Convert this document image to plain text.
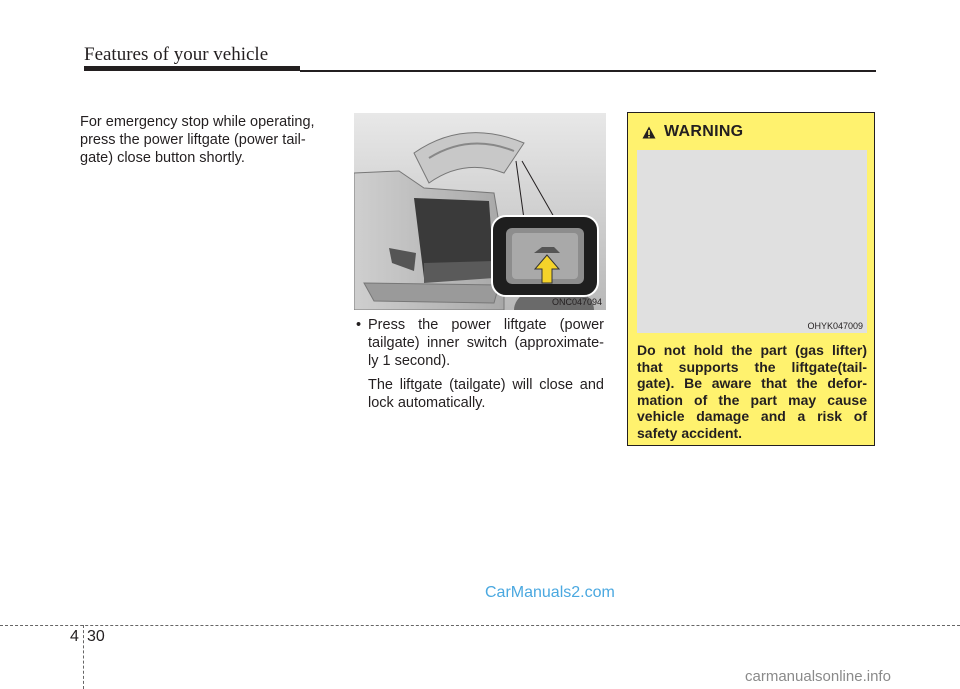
Features of your vehicle
For emergency stop while operating,
press the power liftgate (power tail-
gate) close button shortly.
ONC047094
• Press the power liftgate (power
tailgate) inner switch (approximate-
ly 1 second).
The liftgate (tailgate) will close and
lock automatically.
WARNING
OHYK047009
Do not hold the part (gas lifter)
that supports the liftgate(tail-
gate). Be aware that the defor-
mation of the part may cause
vehicle damage and a risk of
safety accident.
CarManuals2.com
4 30
carmanualsonline.info
